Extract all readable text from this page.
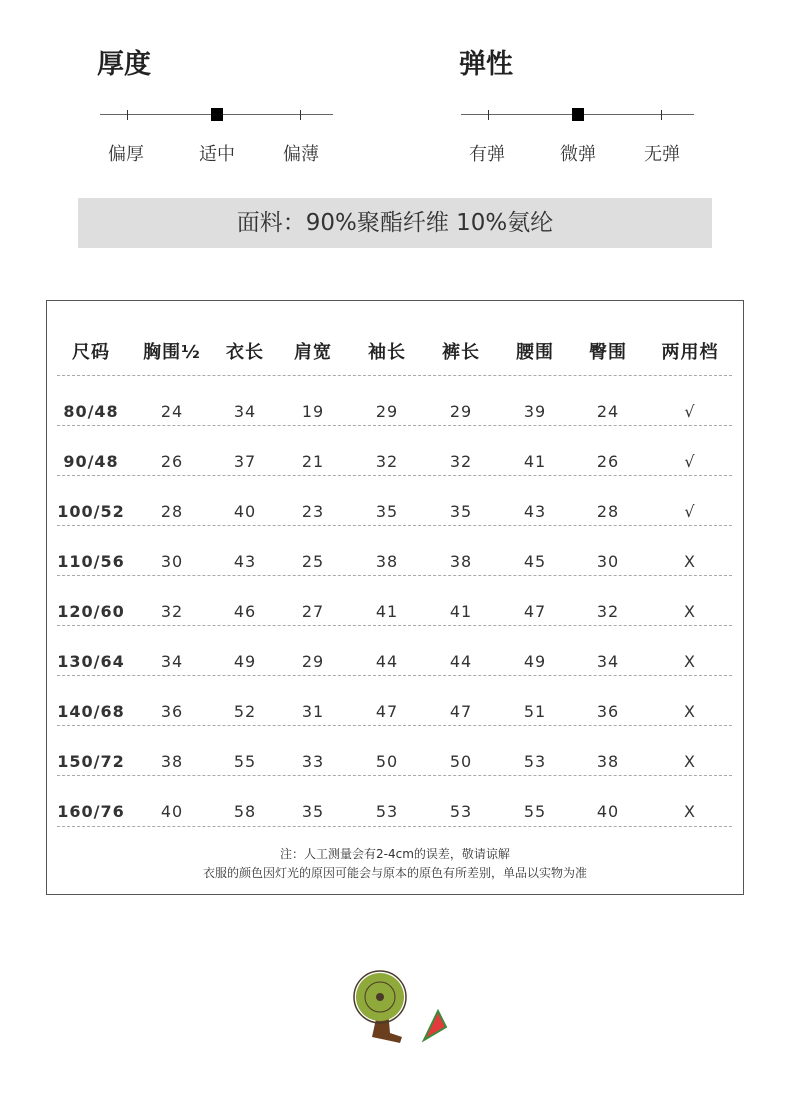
厚度
偏厚	适中	偏薄
弹性
有弹	微弹	无弹
面料：90%聚酯纤维 10%氨纶
注：人工测量会有2-4cm的误差，敬请谅解
衣服的颜色因灯光的原因可能会与原本的原色有所差别，单品以实物为准
尺码	胸围½	衣长	肩宽	袖长	裤长	腰围	臀围	两用档
80/48	24	34	19	29	29	39	24	√
90/48	26	37	21	32	32	41	26	√
100/52	28	40	23	35	35	43	28	√
110/56	30	43	25	38	38	45	30	X
120/60	32	46	27	41	41	47	32	X
130/64	34	49	29	44	44	49	34	X
140/68	36	52	31	47	47	51	36	X
150/72	38	55	33	50	50	53	38	X
160/76	40	58	35	53	53	55	40	X
